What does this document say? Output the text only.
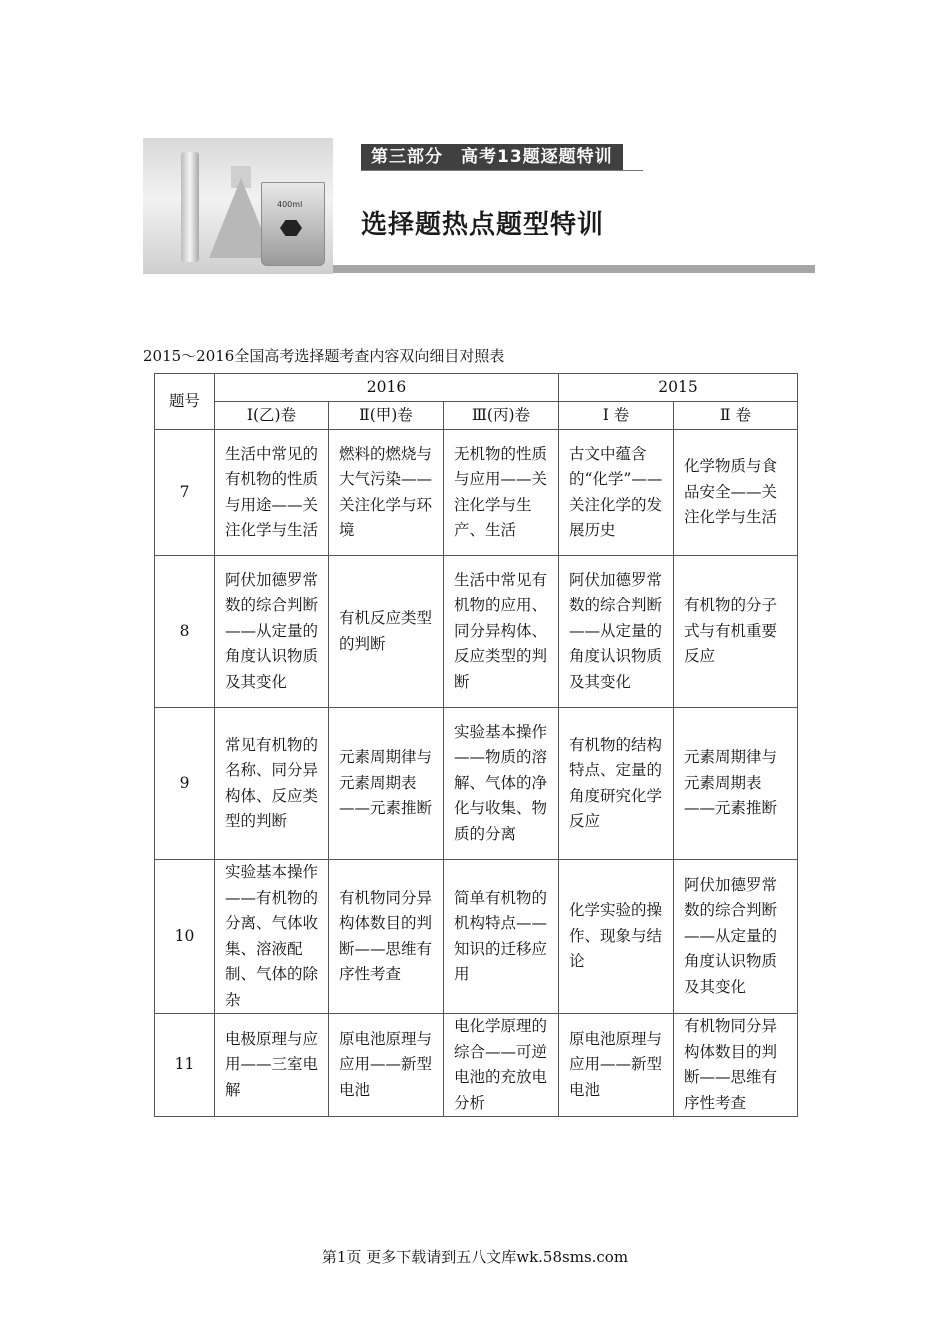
400ml
第三部分　高考13题逐题特训
选择题热点题型特训
2015～2016全国高考选择题考查内容双向细目对照表
题号	2016			2015	
	Ⅰ(乙)卷	Ⅱ(甲)卷	Ⅲ(丙)卷	Ⅰ 卷	Ⅱ 卷
7	生活中常见的有机物的性质与用途——关注化学与生活	燃料的燃烧与大气污染——关注化学与环境	无机物的性质与应用——关注化学与生产、生活	古文中蕴含的“化学”——关注化学的发展历史	化学物质与食品安全——关注化学与生活
8	阿伏加德罗常数的综合判断——从定量的角度认识物质及其变化	有机反应类型的判断	生活中常见有机物的应用、同分异构体、反应类型的判断	阿伏加德罗常数的综合判断——从定量的角度认识物质及其变化	有机物的分子式与有机重要反应
9	常见有机物的名称、同分异构体、反应类型的判断	元素周期律与元素周期表——元素推断	实验基本操作——物质的溶解、气体的净化与收集、物质的分离	有机物的结构特点、定量的角度研究化学反应	元素周期律与元素周期表——元素推断
10	实验基本操作——有机物的分离、气体收集、溶液配制、气体的除杂	有机物同分异构体数目的判断——思维有序性考查	简单有机物的机构特点——知识的迁移应用	化学实验的操作、现象与结论	阿伏加德罗常数的综合判断——从定量的角度认识物质及其变化
11	电极原理与应用——三室电解	原电池原理与应用——新型电池	电化学原理的综合——可逆电池的充放电分析	原电池原理与应用——新型电池	有机物同分异构体数目的判断——思维有序性考查
第1页 更多下载请到五八文库wk.58sms.com
